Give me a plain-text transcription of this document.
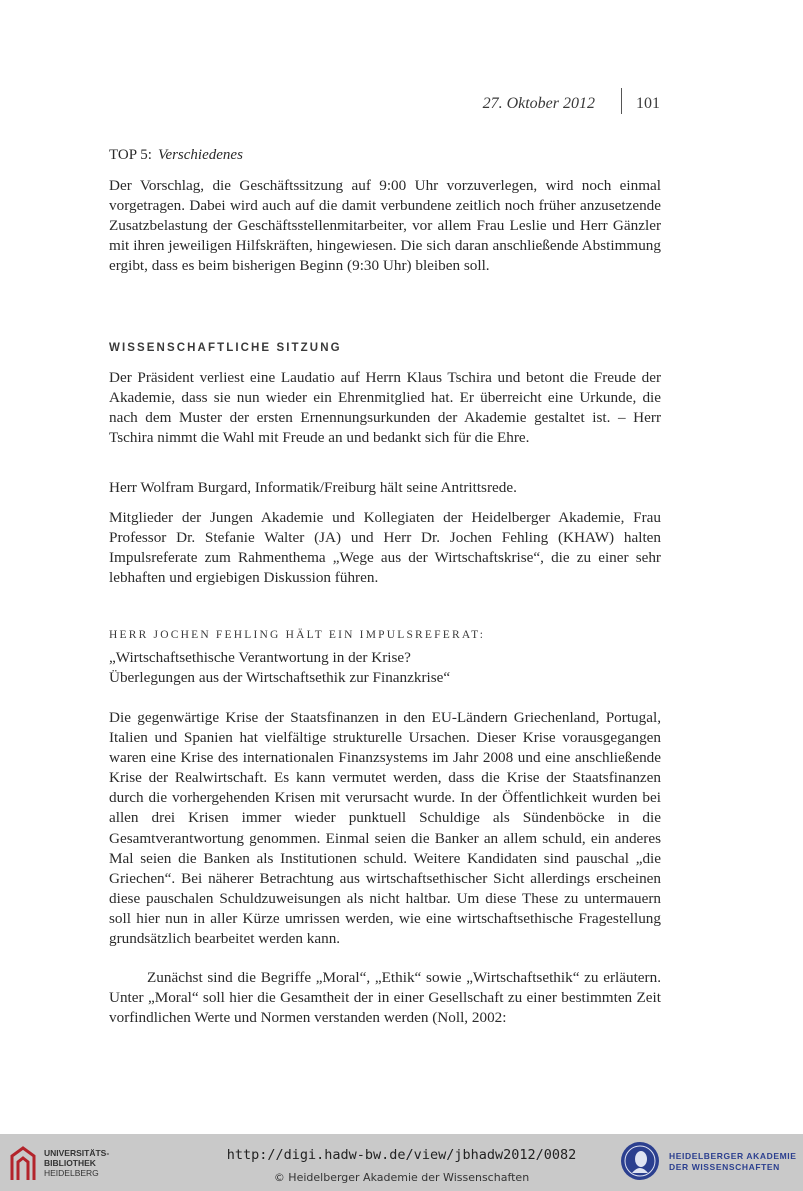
27. Oktober 2012	101
TOP 5: Verschiedenes

Der Vorschlag, die Geschäftssitzung auf 9:00 Uhr vorzuverlegen, wird noch einmal vorgetragen. Dabei wird auch auf die damit verbundene zeitlich noch früher anzusetzende Zusatzbelastung der Geschäftsstellenmitarbeiter, vor allem Frau Leslie und Herr Gänzler mit ihren jeweiligen Hilfskräften, hingewiesen. Die sich daran anschließende Abstimmung ergibt, dass es beim bisherigen Beginn (9:30 Uhr) bleiben soll.

WISSENSCHAFTLICHE SITZUNG

Der Präsident verliest eine Laudatio auf Herrn Klaus Tschira und betont die Freude der Akademie, dass sie nun wieder ein Ehrenmitglied hat. Er überreicht eine Urkunde, die nach dem Muster der ersten Ernennungsurkunden der Akademie gestaltet ist. – Herr Tschira nimmt die Wahl mit Freude an und bedankt sich für die Ehre.

Herr Wolfram Burgard, Informatik/Freiburg hält seine Antrittsrede.

Mitglieder der Jungen Akademie und Kollegiaten der Heidelberger Akademie, Frau Professor Dr. Stefanie Walter (JA) und Herr Dr. Jochen Fehling (KHAW) halten Impulsreferate zum Rahmenthema „Wege aus der Wirtschaftskrise“, die zu einer sehr lebhaften und ergiebigen Diskussion führen.

HERR JOCHEN FEHLING HÄLT EIN IMPULSREFERAT:
„Wirtschaftsethische Verantwortung in der Krise?
Überlegungen aus der Wirtschaftsethik zur Finanzkrise“

Die gegenwärtige Krise der Staatsfinanzen in den EU-Ländern Griechenland, Portugal, Italien und Spanien hat vielfältige strukturelle Ursachen. Dieser Krise vorausgegangen waren eine Krise des internationalen Finanzsystems im Jahr 2008 und eine anschließende Krise der Realwirtschaft. Es kann vermutet werden, dass die Krise der Staatsfinanzen durch die vorhergehenden Krisen mit verursacht wurde. In der Öffentlichkeit wurden bei allen drei Krisen immer wieder punktuell Schuldige als Sündenböcke in die Gesamtverantwortung genommen. Einmal seien die Banker an allem schuld, ein anderes Mal seien die Banken als Institutionen schuld. Weitere Kandidaten sind pauschal „die Griechen“. Bei näherer Betrachtung aus wirtschaftsethischer Sicht allerdings erscheinen diese pauschalen Schuldzuweisungen als nicht haltbar. Um diese These zu untermauern soll hier nun in aller Kürze umrissen werden, wie eine wirtschaftsethische Fragestellung grundsätzlich bearbeitet werden kann.

Zunächst sind die Begriffe „Moral“, „Ethik“ sowie „Wirtschaftsethik“ zu erläutern. Unter „Moral“ soll hier die Gesamtheit der in einer Gesellschaft zu einer bestimmten Zeit vorfindlichen Werte und Normen verstanden werden (Noll, 2002:

UNIVERSITÄTS-
BIBLIOTHEK
HEIDELBERG
http://digi.hadw-bw.de/view/jbhadw2012/0082
© Heidelberger Akademie der Wissenschaften
HEIDELBERGER AKADEMIE
DER WISSENSCHAFTEN
